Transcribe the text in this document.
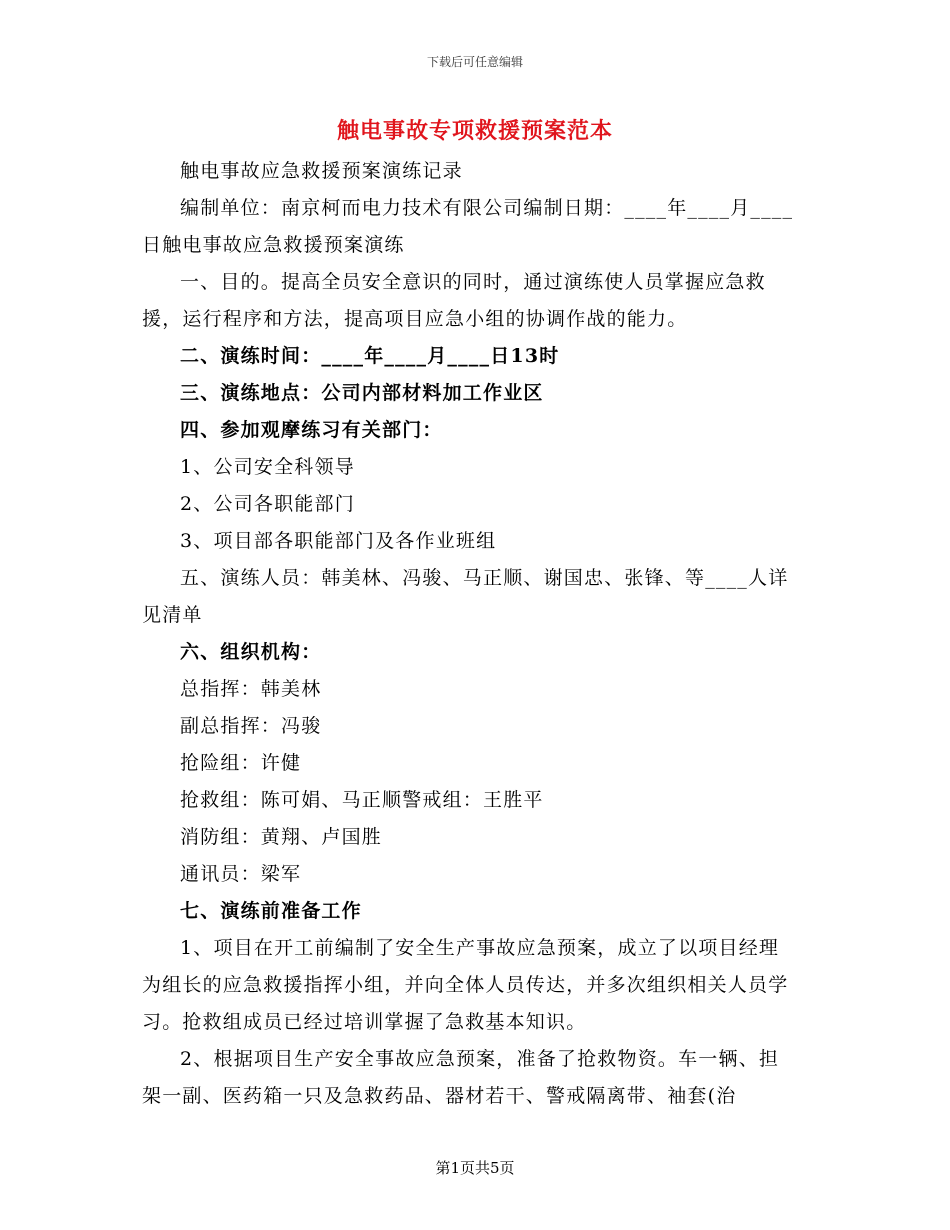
下载后可任意编辑
触电事故专项救援预案范本

触电事故应急救援预案演练记录

编制单位：南京柯而电力技术有限公司编制日期：____年____月____日触电事故应急救援预案演练

一、目的。提高全员安全意识的同时，通过演练使人员掌握应急救援，运行程序和方法，提高项目应急小组的协调作战的能力。

二、演练时间：____年____月____日13时

三、演练地点：公司内部材料加工作业区

四、参加观摩练习有关部门：

1、公司安全科领导

2、公司各职能部门

3、项目部各职能部门及各作业班组

五、演练人员：韩美林、冯骏、马正顺、谢国忠、张锋、等____人详见清单

六、组织机构：

总指挥：韩美林

副总指挥：冯骏

抢险组：许健

抢救组：陈可娟、马正顺警戒组：王胜平

消防组：黄翔、卢国胜

通讯员：梁军

七、演练前准备工作

1、项目在开工前编制了安全生产事故应急预案，成立了以项目经理为组长的应急救援指挥小组，并向全体人员传达，并多次组织相关人员学习。抢救组成员已经过培训掌握了急救基本知识。

2、根据项目生产安全事故应急预案，准备了抢救物资。车一辆、担架一副、医药箱一只及急救药品、器材若干、警戒隔离带、袖套(治

第1页共5页
